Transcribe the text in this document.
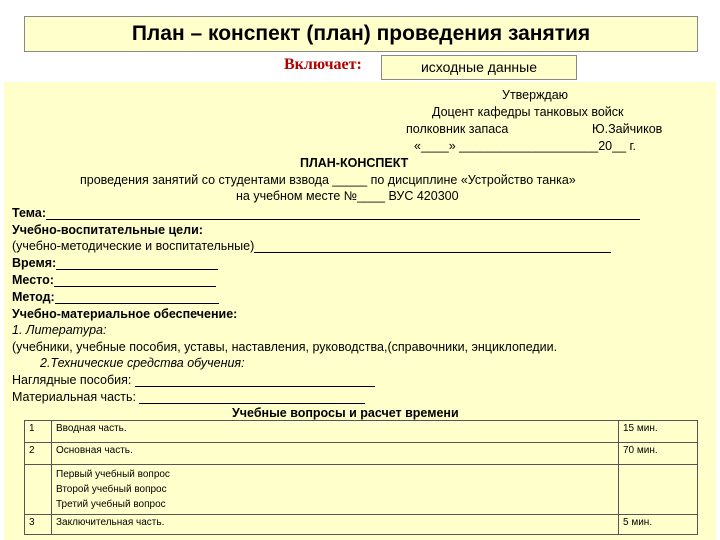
План – конспект (план) проведения занятия
Включает:	исходные данные
Утверждаю
Доцент кафедры танковых войск
полковник запаса	Ю.Зайчиков
«____» ____________________20__ г.
ПЛАН-КОНСПЕКТ
проведения занятий со студентами взвода _____ по дисциплине «Устройство танка»
на учебном месте №____ ВУС 420300
Тема:
Учебно-воспитательные цели:
(учебно-методические и воспитательные)
Время:
Место:
Метод:
Учебно-материальное обеспечение:
1. Литература:
(учебники, учебные пособия, уставы, наставления, руководства,(справочники, энциклопедии.
2.Технические средства обучения:
Наглядные пособия:
Материальная часть:
Учебные вопросы и расчет времени
1	Вводная часть.	15 мин.
2	Основная часть.	70 мин.

	Первый учебный вопрос
Второй учебный вопрос
Третий учебный вопрос	

3	Заключительная часть.	5 мин.
